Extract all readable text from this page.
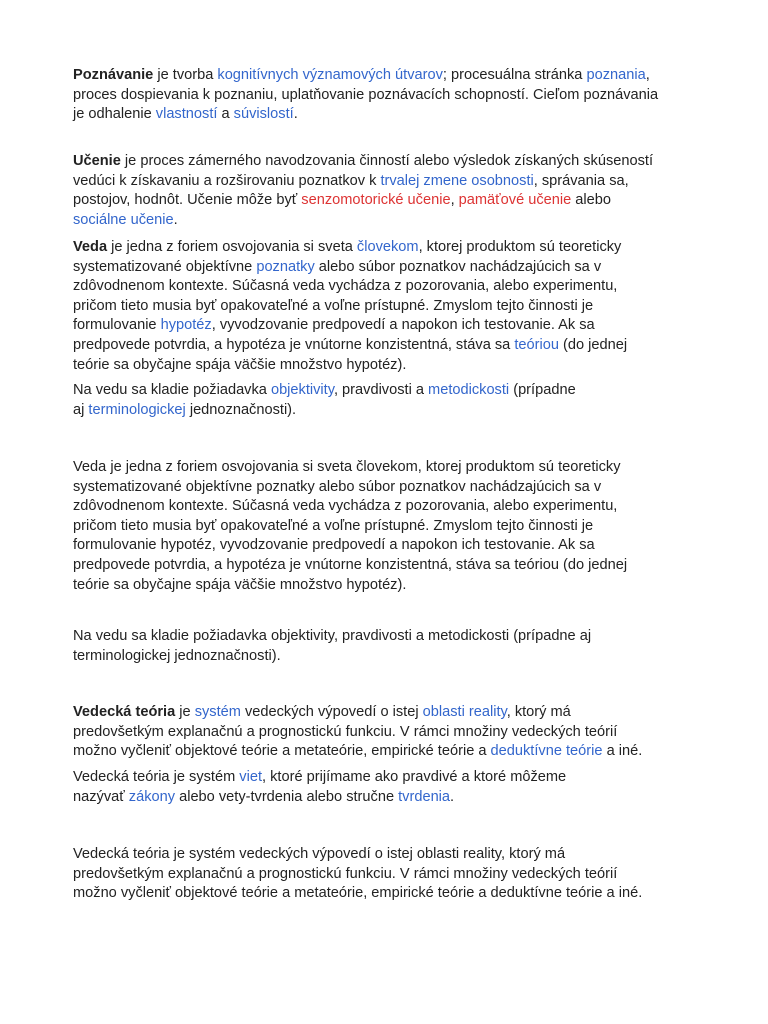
Poznávanie je tvorba kognitívnych významových útvarov; procesuálna stránka poznania,
proces dospievania k poznaniu, uplatňovanie poznávacích schopností. Cieľom poznávania
je odhalenie vlastností a súvislostí.
Učenie je proces zámerného navodzovania činností alebo výsledok získaných skúseností
vedúci k získavaniu a rozširovaniu poznatkov k trvalej zmene osobnosti, správania sa,
postojov, hodnôt. Učenie môže byť senzomotorické učenie, pamäťové učenie alebo
sociálne učenie.
Veda je jedna z foriem osvojovania si sveta človekom, ktorej produktom sú teoreticky
systematizované objektívne poznatky alebo súbor poznatkov nachádzajúcich sa v
zdôvodnenom kontexte. Súčasná veda vychádza z pozorovania, alebo experimentu,
pričom tieto musia byť opakovateľné a voľne prístupné. Zmyslom tejto činnosti je
formulovanie hypotéz, vyvodzovanie predpovedí a napokon ich testovanie. Ak sa
predpovede potvrdia, a hypotéza je vnútorne konzistentná, stáva sa teóriou (do jednej
teórie sa obyčajne spája väčšie množstvo hypotéz).
Na vedu sa kladie požiadavka objektivity, pravdivosti a metodickosti (prípadne
aj terminologickej jednoznačnosti).
Veda je jedna z foriem osvojovania si sveta človekom, ktorej produktom sú teoreticky
systematizované objektívne poznatky alebo súbor poznatkov nachádzajúcich sa v
zdôvodnenom kontexte. Súčasná veda vychádza z pozorovania, alebo experimentu,
pričom tieto musia byť opakovateľné a voľne prístupné. Zmyslom tejto činnosti je
formulovanie hypotéz, vyvodzovanie predpovedí a napokon ich testovanie. Ak sa
predpovede potvrdia, a hypotéza je vnútorne konzistentná, stáva sa teóriou (do jednej
teórie sa obyčajne spája väčšie množstvo hypotéz).
Na vedu sa kladie požiadavka objektivity, pravdivosti a metodickosti (prípadne aj
terminologickej jednoznačnosti).
Vedecká teória je systém vedeckých výpovedí o istej oblasti reality, ktorý má
predovšetkým explanačnú a prognostickú funkciu. V rámci množiny vedeckých teórií
možno vyčleniť objektové teórie a metateórie, empirické teórie a deduktívne teórie a iné.
Vedecká teória je systém viet, ktoré prijímame ako pravdivé a ktoré môžeme
nazývať zákony alebo vety-tvrdenia alebo stručne tvrdenia.
Vedecká teória je systém vedeckých výpovedí o istej oblasti reality, ktorý má
predovšetkým explanačnú a prognostickú funkciu. V rámci množiny vedeckých teórií
možno vyčleniť objektové teórie a metateórie, empirické teórie a deduktívne teórie a iné.
